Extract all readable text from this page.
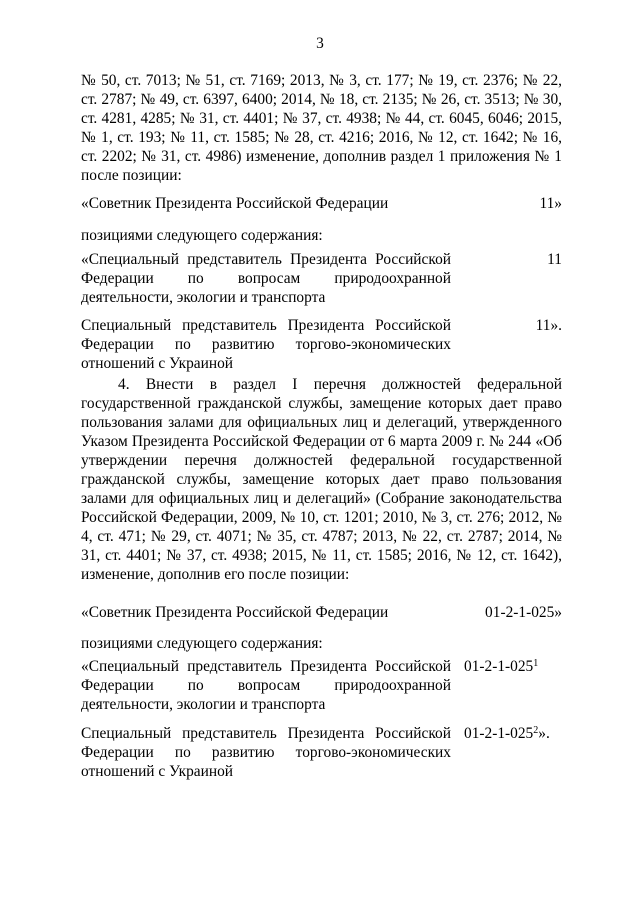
3
№ 50, ст. 7013; № 51, ст. 7169; 2013, № 3, ст. 177; № 19, ст. 2376; № 22, ст. 2787; № 49, ст. 6397, 6400; 2014, № 18, ст. 2135; № 26, ст. 3513; № 30, ст. 4281, 4285; № 31, ст. 4401; № 37, ст. 4938; № 44, ст. 6045, 6046; 2015, № 1, ст. 193; № 11, ст. 1585; № 28, ст. 4216; 2016, № 12, ст. 1642; № 16, ст. 2202; № 31, ст. 4986) изменение, дополнив раздел 1 приложения № 1 после позиции:
«Советник Президента Российской Федерации	11»
позициями следующего содержания:
«Специальный представитель Президента Российской Федерации по вопросам природоохранной деятельности, экологии и транспорта
11
Специальный представитель Президента Российской Федерации по развитию торгово-экономических отношений с Украиной
11».
4. Внести в раздел I перечня должностей федеральной государственной гражданской службы, замещение которых дает право пользования залами для официальных лиц и делегаций, утвержденного Указом Президента Российской Федерации от 6 марта 2009 г. № 244 «Об утверждении перечня должностей федеральной государственной гражданской службы, замещение которых дает право пользования залами для официальных лиц и делегаций» (Собрание законодательства Российской Федерации, 2009, № 10, ст. 1201; 2010, № 3, ст. 276; 2012, № 4, ст. 471; № 29, ст. 4071; № 35, ст. 4787; 2013, № 22, ст. 2787; 2014, № 31, ст. 4401; № 37, ст. 4938; 2015, № 11, ст. 1585; 2016, № 12, ст. 1642), изменение, дополнив его после позиции:
«Советник Президента Российской Федерации	01-2-1-025»
позициями следующего содержания:
«Специальный представитель Президента Российской Федерации по вопросам природоохранной деятельности, экологии и транспорта
$01-2-1-025^1$
Специальный представитель Президента Российской Федерации по развитию торгово-экономических отношений с Украиной
$01-2-1-025^2$».
